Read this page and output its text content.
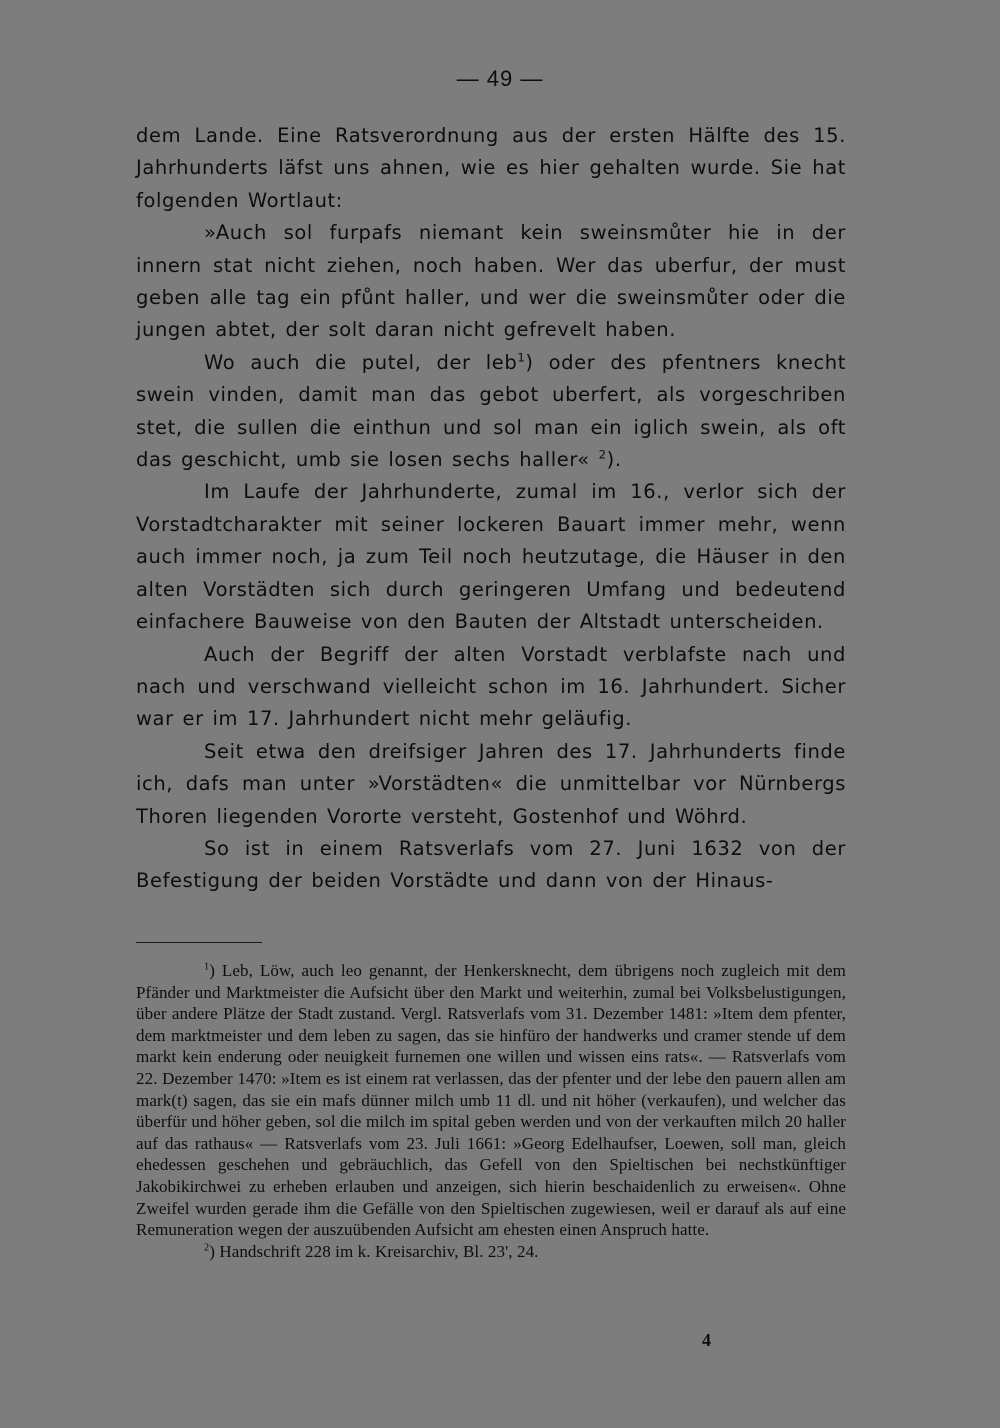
— 49 —

dem Lande. Eine Ratsverordnung aus der ersten Hälfte des 15. Jahrhunderts läfst uns ahnen, wie es hier gehalten wurde. Sie hat folgenden Wortlaut:

»Auch sol furpafs niemant kein sweinsmůter hie in der innern stat nicht ziehen, noch haben. Wer das uberfur, der must geben alle tag ein pfůnt haller, und wer die sweinsmůter oder die jungen abtet, der solt daran nicht gefrevelt haben.

Wo auch die putel, der leb$^1$) oder des pfentners knecht swein vinden, damit man das gebot uberfert, als vorgeschriben stet, die sullen die einthun und sol man ein iglich swein, als oft das geschicht, umb sie losen sechs haller« $^2$).

Im Laufe der Jahrhunderte, zumal im 16., verlor sich der Vorstadtcharakter mit seiner lockeren Bauart immer mehr, wenn auch immer noch, ja zum Teil noch heutzutage, die Häuser in den alten Vorstädten sich durch geringeren Umfang und bedeutend einfachere Bauweise von den Bauten der Altstadt unterscheiden.

Auch der Begriff der alten Vorstadt verblafste nach und nach und verschwand vielleicht schon im 16. Jahrhundert. Sicher war er im 17. Jahrhundert nicht mehr geläufig.

Seit etwa den dreifsiger Jahren des 17. Jahrhunderts finde ich, dafs man unter »Vorstädten« die unmittelbar vor Nürnbergs Thoren liegenden Vororte versteht, Gostenhof und Wöhrd.

So ist in einem Ratsverlafs vom 27. Juni 1632 von der Befestigung der beiden Vorstädte und dann von der Hinaus-

$^1$) Leb, Löw, auch leo genannt, der Henkersknecht, dem übrigens noch zugleich mit dem Pfänder und Marktmeister die Aufsicht über den Markt und weiterhin, zumal bei Volksbelustigungen, über andere Plätze der Stadt zustand. Vergl. Ratsverlafs vom 31. Dezember 1481: »Item dem pfenter, dem marktmeister und dem leben zu sagen, das sie hinfüro der handwerks und cramer stende uf dem markt kein enderung oder neuigkeit furnemen one willen und wissen eins rats«. — Ratsverlafs vom 22. Dezember 1470: »Item es ist einem rat verlassen, das der pfenter und der lebe den pauern allen am mark(t) sagen, das sie ein mafs dünner milch umb 11 dl. und nit höher (verkaufen), und welcher das überfür und höher geben, sol die milch im spital geben werden und von der verkauften milch 20 haller auf das rathaus« — Ratsverlafs vom 23. Juli 1661: »Georg Edelhaufser, Loewen, soll man, gleich ehedessen geschehen und gebräuchlich, das Gefell von den Spieltischen bei nechstkünftiger Jakobikirchwei zu erheben erlauben und anzeigen, sich hierin beschaidenlich zu erweisen«. Ohne Zweifel wurden gerade ihm die Gefälle von den Spieltischen zugewiesen, weil er darauf als auf eine Remuneration wegen der auszuübenden Aufsicht am ehesten einen Anspruch hatte.

$^2$) Handschrift 228 im k. Kreisarchiv, Bl. 23', 24.

4
